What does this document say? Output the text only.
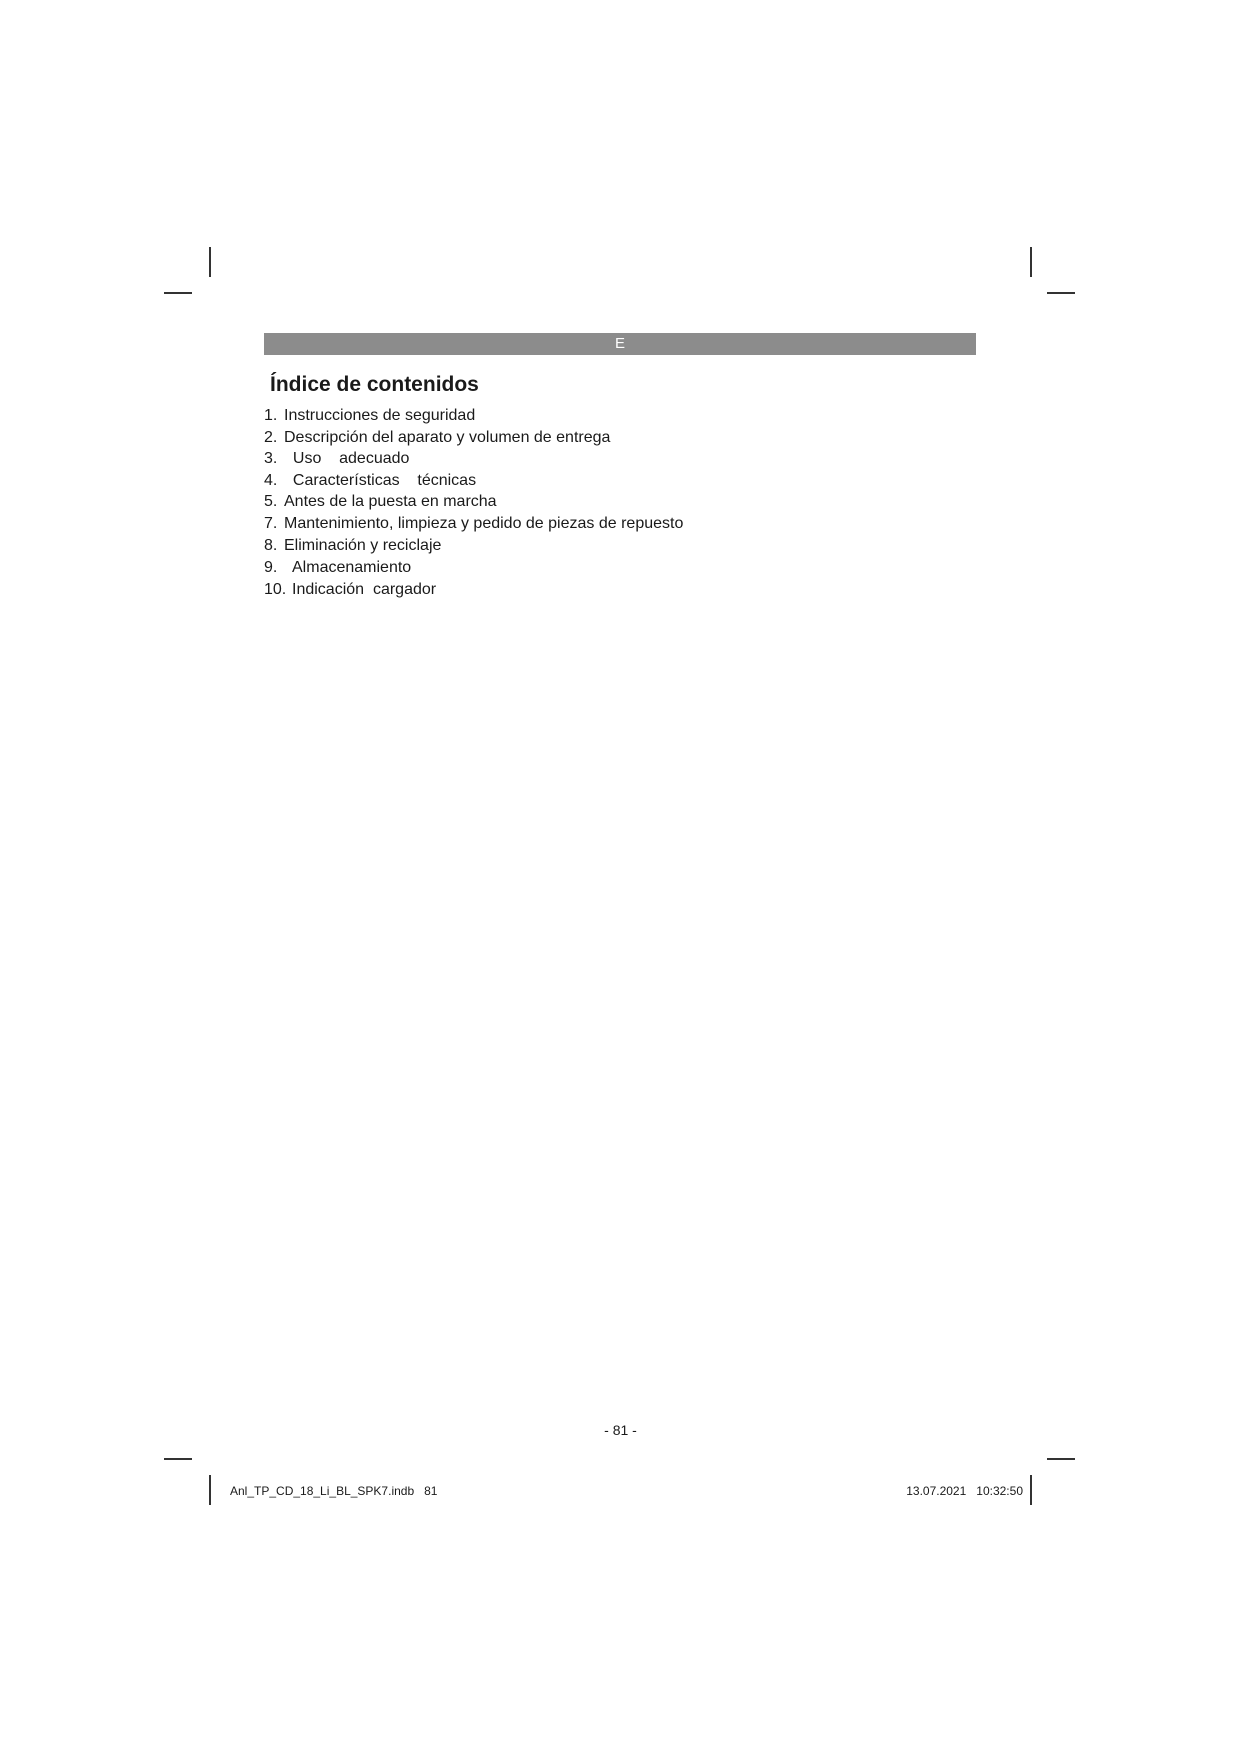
E
Índice de contenidos
1. Instrucciones de seguridad
2. Descripción del aparato y volumen de entrega
3. Uso    adecuado
4. Características    técnicas
5. Antes de la puesta en marcha
7. Mantenimiento, limpieza y pedido de piezas de repuesto
8. Eliminación y reciclaje
9. Almacenamiento
10. Indicación  cargador
- 81 -
Anl_TP_CD_18_Li_BL_SPK7.indb   81	13.07.2021   10:32:50
